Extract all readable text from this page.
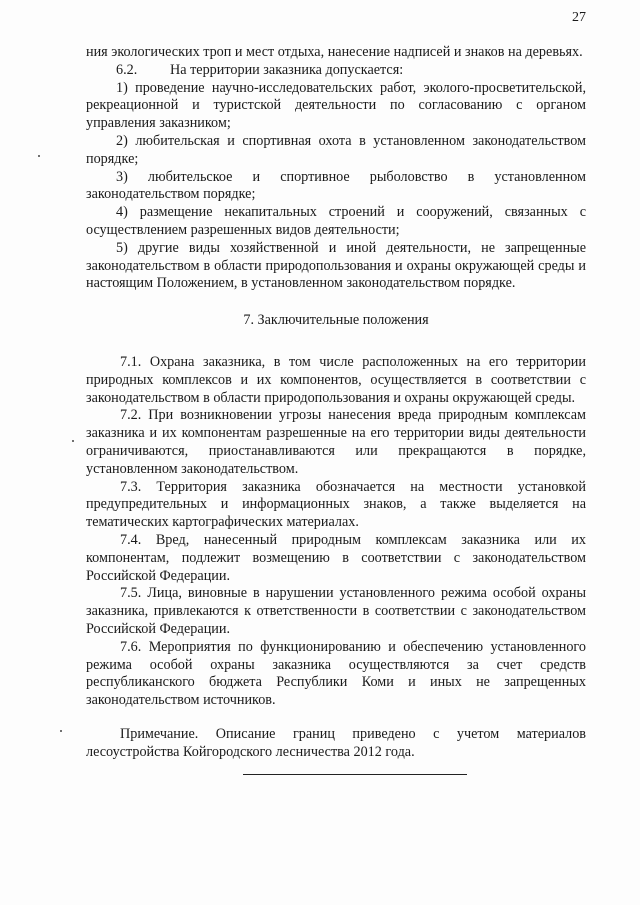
27

ния экологических троп и мест отдыха, нанесение надписей и знаков на деревьях.

6.2. На территории заказника допускается:

1) проведение научно-исследовательских работ, эколого-просветительской, рекреационной и туристской деятельности по согласованию с органом управления заказником;

2) любительская и спортивная охота в установленном законодательством порядке;

3) любительское и спортивное рыболовство в установленном законодательством порядке;

4) размещение некапитальных строений и сооружений, связанных с осуществлением разрешенных видов деятельности;

5) другие виды хозяйственной и иной деятельности, не запрещенные законодательством в области природопользования и охраны окружающей среды и настоящим Положением, в установленном законодательством порядке.

7. Заключительные положения

7.1. Охрана заказника, в том числе расположенных на его территории природных комплексов и их компонентов, осуществляется в соответствии с законодательством в области природопользования и охраны окружающей среды.

7.2. При возникновении угрозы нанесения вреда природным комплексам заказника и их компонентам разрешенные на его территории виды деятельности ограничиваются, приостанавливаются или прекращаются в порядке, установленном законодательством.

7.3. Территория заказника обозначается на местности установкой предупредительных и информационных знаков, а также выделяется на тематических картографических материалах.

7.4. Вред, нанесенный природным комплексам заказника или их компонентам, подлежит возмещению в соответствии с законодательством Российской Федерации.

7.5. Лица, виновные в нарушении установленного режима особой охраны заказника, привлекаются к ответственности в соответствии с законодательством Российской Федерации.

7.6. Мероприятия по функционированию и обеспечению установленного режима особой охраны заказника осуществляются за счет средств республиканского бюджета Республики Коми и иных не запрещенных законодательством источников.

Примечание. Описание границ приведено с учетом материалов лесоустройства Койгородского лесничества 2012 года.
